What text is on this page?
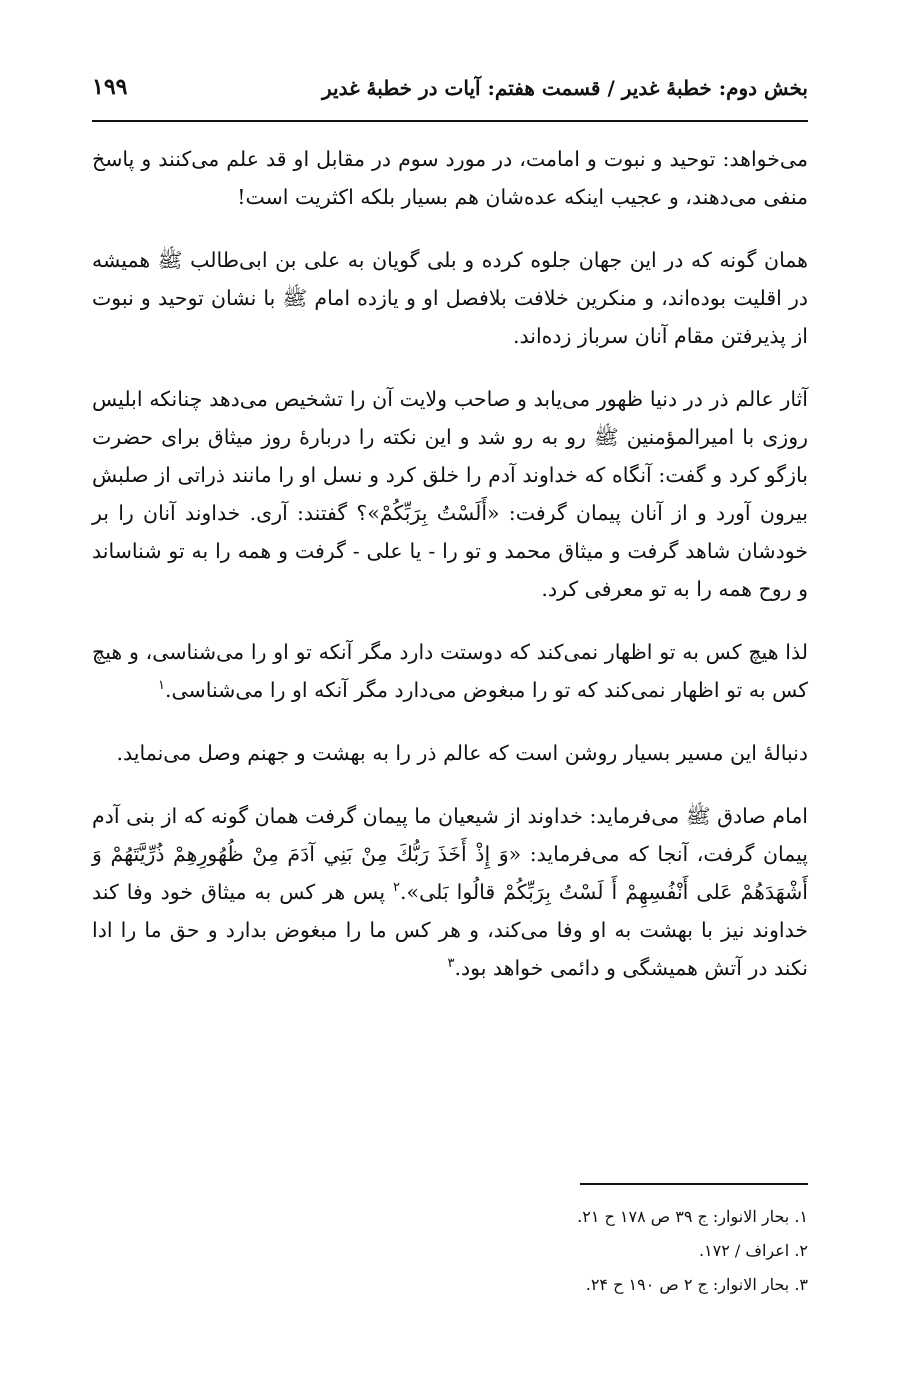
بخش دوم: خطبۀ غدیر / قسمت هفتم: آیات در خطبۀ غدیر
۱۹۹

می‌خواهد: توحید و نبوت و امامت، در مورد سوم در مقابل او قد علم می‌کنند و پاسخ منفی می‌دهند، و عجیب اینکه عده‌شان هم بسیار بلکه اکثریت است!

همان گونه که در این جهان جلوه کرده و بلی گویان به علی بن ابی‌طالب ﷺ همیشه در اقلیت بوده‌اند، و منکرین خلافت بلافصل او و یازده امام ﷺ با نشان توحید و نبوت از پذیرفتن مقام آنان سرباز زده‌اند.

آثار عالم ذر در دنیا ظهور می‌یابد و صاحب ولایت آن را تشخیص می‌دهد چنانکه ابلیس روزی با امیرالمؤمنین ﷺ رو به رو شد و این نکته را دربارۀ روز میثاق برای حضرت بازگو کرد و گفت: آنگاه که خداوند آدم را خلق کرد و نسل او را مانند ذراتی از صلبش بیرون آورد و از آنان پیمان گرفت: «أَلَسْتُ بِرَبِّكُمْ»؟ گفتند: آری. خداوند آنان را بر خودشان شاهد گرفت و میثاق محمد و تو را - یا علی - گرفت و همه را به تو شناساند و روح همه را به تو معرفی کرد.

لذا هیچ کس به تو اظهار نمی‌کند که دوستت دارد مگر آنکه تو او را می‌شناسی، و هیچ کس به تو اظهار نمی‌کند که تو را مبغوض می‌دارد مگر آنکه او را می‌شناسی.$^۱$

دنبالۀ این مسیر بسیار روشن است که عالم ذر را به بهشت و جهنم وصل می‌نماید.

امام صادق ﷺ می‌فرماید: خداوند از شیعیان ما پیمان گرفت همان گونه که از بنی آدم پیمان گرفت، آنجا که می‌فرماید: «وَ إِذْ أَخَذَ رَبُّكَ مِنْ بَنِي آدَمَ مِنْ ظُهُورِهِمْ ذُرِّيَّتَهُمْ وَ أَشْهَدَهُمْ عَلى أَنْفُسِهِمْ أَ لَسْتُ بِرَبِّكُمْ قالُوا بَلى».$^۲$ پس هر کس به میثاق خود وفا کند خداوند نیز با بهشت به او وفا می‌کند، و هر کس ما را مبغوض بدارد و حق ما را ادا نکند در آتش همیشگی و دائمی خواهد بود.$^۳$

۱. بحار الانوار: ج ۳۹ ص ۱۷۸ ح ۲۱.
۲. اعراف / ۱۷۲.
۳. بحار الانوار: ج ۲ ص ۱۹۰ ح ۲۴.
